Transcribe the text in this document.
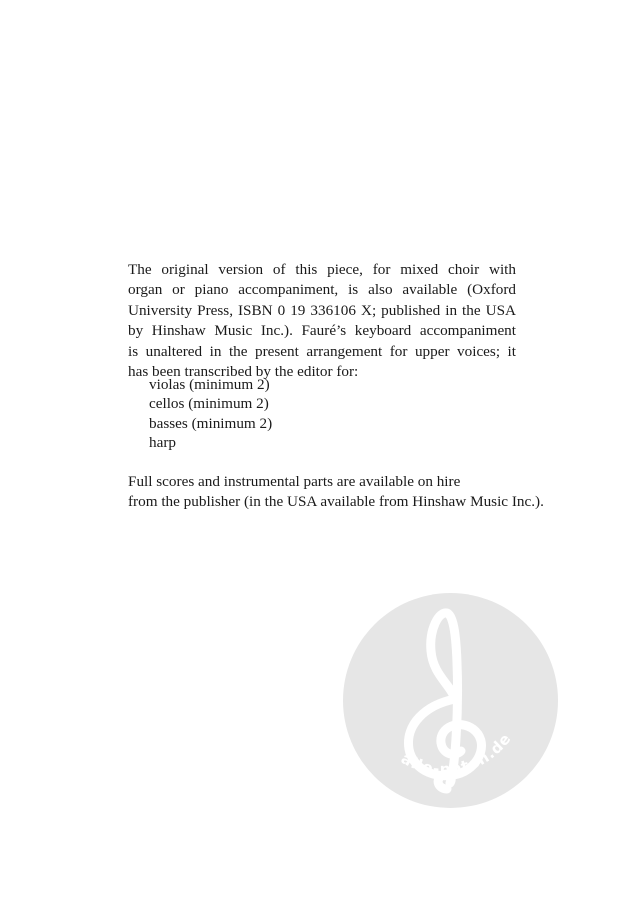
The original version of this piece, for mixed choir with
organ or piano accompaniment, is also available (Oxford
University Press, ISBN 0 19 336106 X; published in the USA
by Hinshaw Music Inc.). Fauré’s keyboard accompaniment
is unaltered in the present arrangement for upper voices; it
has been transcribed by the editor for:

violas (minimum 2)
cellos (minimum 2)
basses (minimum 2)
harp

Full scores and instrumental parts are available on hire
from the publisher (in the USA available from Hinshaw Music Inc.).

alle-noten.de
